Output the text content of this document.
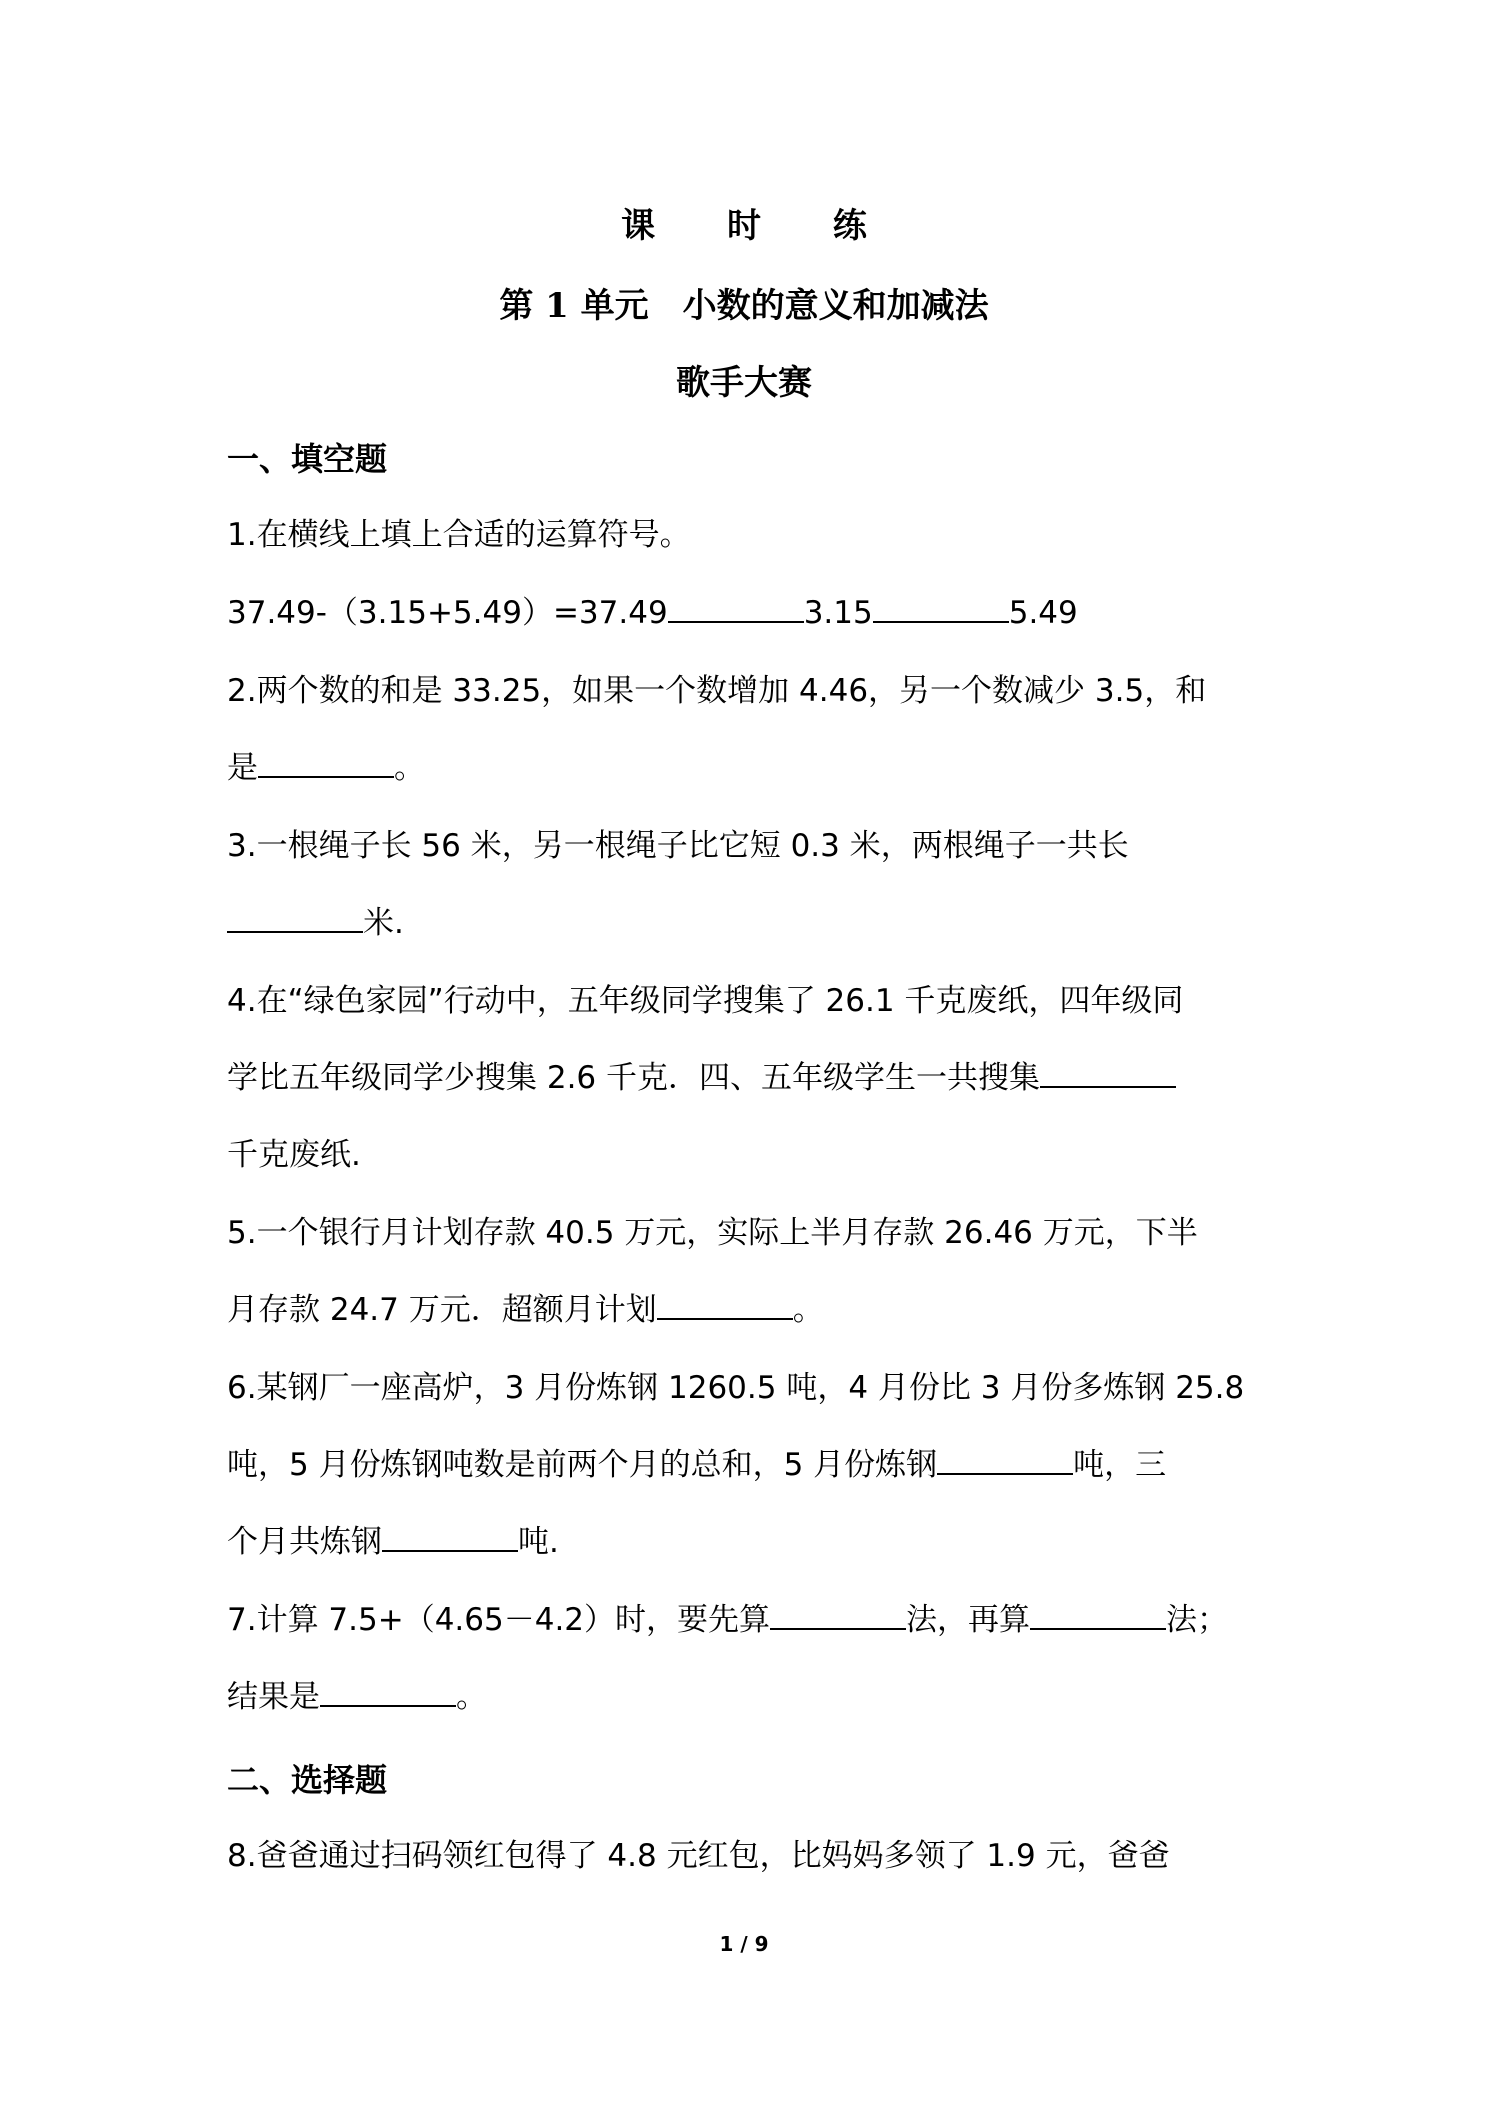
课 时 练
第 1 单元　小数的意义和加减法
歌手大赛
一、填空题
1.在横线上填上合适的运算符号。
37.49-（3.15+5.49）=37.49	3.15	5.49
2.两个数的和是 33.25，如果一个数增加 4.46，另一个数减少 3.5，和
是	。
3.一根绳子长 56 米，另一根绳子比它短 0.3 米，两根绳子一共长
米.
4.在“绿色家园”行动中，五年级同学搜集了 26.1 千克废纸，四年级同
学比五年级同学少搜集 2.6 千克．四、五年级学生一共搜集
千克废纸.
5.一个银行月计划存款 40.5 万元，实际上半月存款 26.46 万元，下半
月存款 24.7 万元．超额月计划	。
6.某钢厂一座高炉，3 月份炼钢 1260.5 吨，4 月份比 3 月份多炼钢 25.8
吨，5 月份炼钢吨数是前两个月的总和，5 月份炼钢	吨，三
个月共炼钢	吨.
7.计算 7.5+（4.65－4.2）时，要先算	法，再算	法；
结果是	。
二、选择题
8.爸爸通过扫码领红包得了 4.8 元红包，比妈妈多领了 1.9 元，爸爸
1 / 9
